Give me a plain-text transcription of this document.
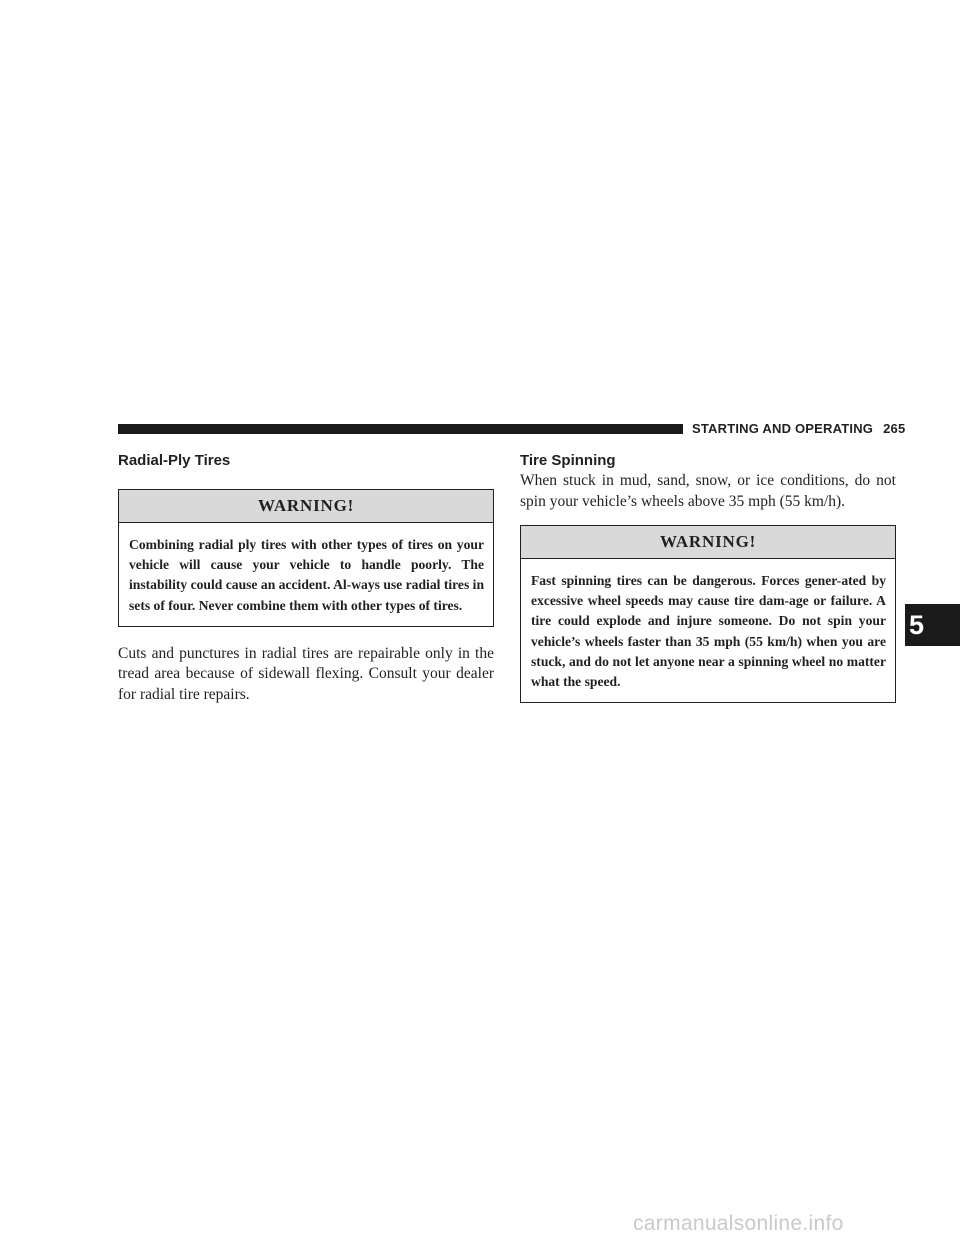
STARTING AND OPERATING 265
Radial-Ply Tires
WARNING!
Combining radial ply tires with other types of tires on your vehicle will cause your vehicle to handle poorly. The instability could cause an accident. Al-ways use radial tires in sets of four. Never combine them with other types of tires.

Cuts and punctures in radial tires are repairable only in the tread area because of sidewall flexing. Consult your dealer for radial tire repairs.

Tire Spinning

When stuck in mud, sand, snow, or ice conditions, do not spin your vehicle’s wheels above 35 mph (55 km/h).

WARNING!
Fast spinning tires can be dangerous. Forces gener-ated by excessive wheel speeds may cause tire dam-age or failure. A tire could explode and injure someone. Do not spin your vehicle’s wheels faster than 35 mph (55 km/h) when you are stuck, and do not let anyone near a spinning wheel no matter what the speed.
5
carmanualsonline.info
